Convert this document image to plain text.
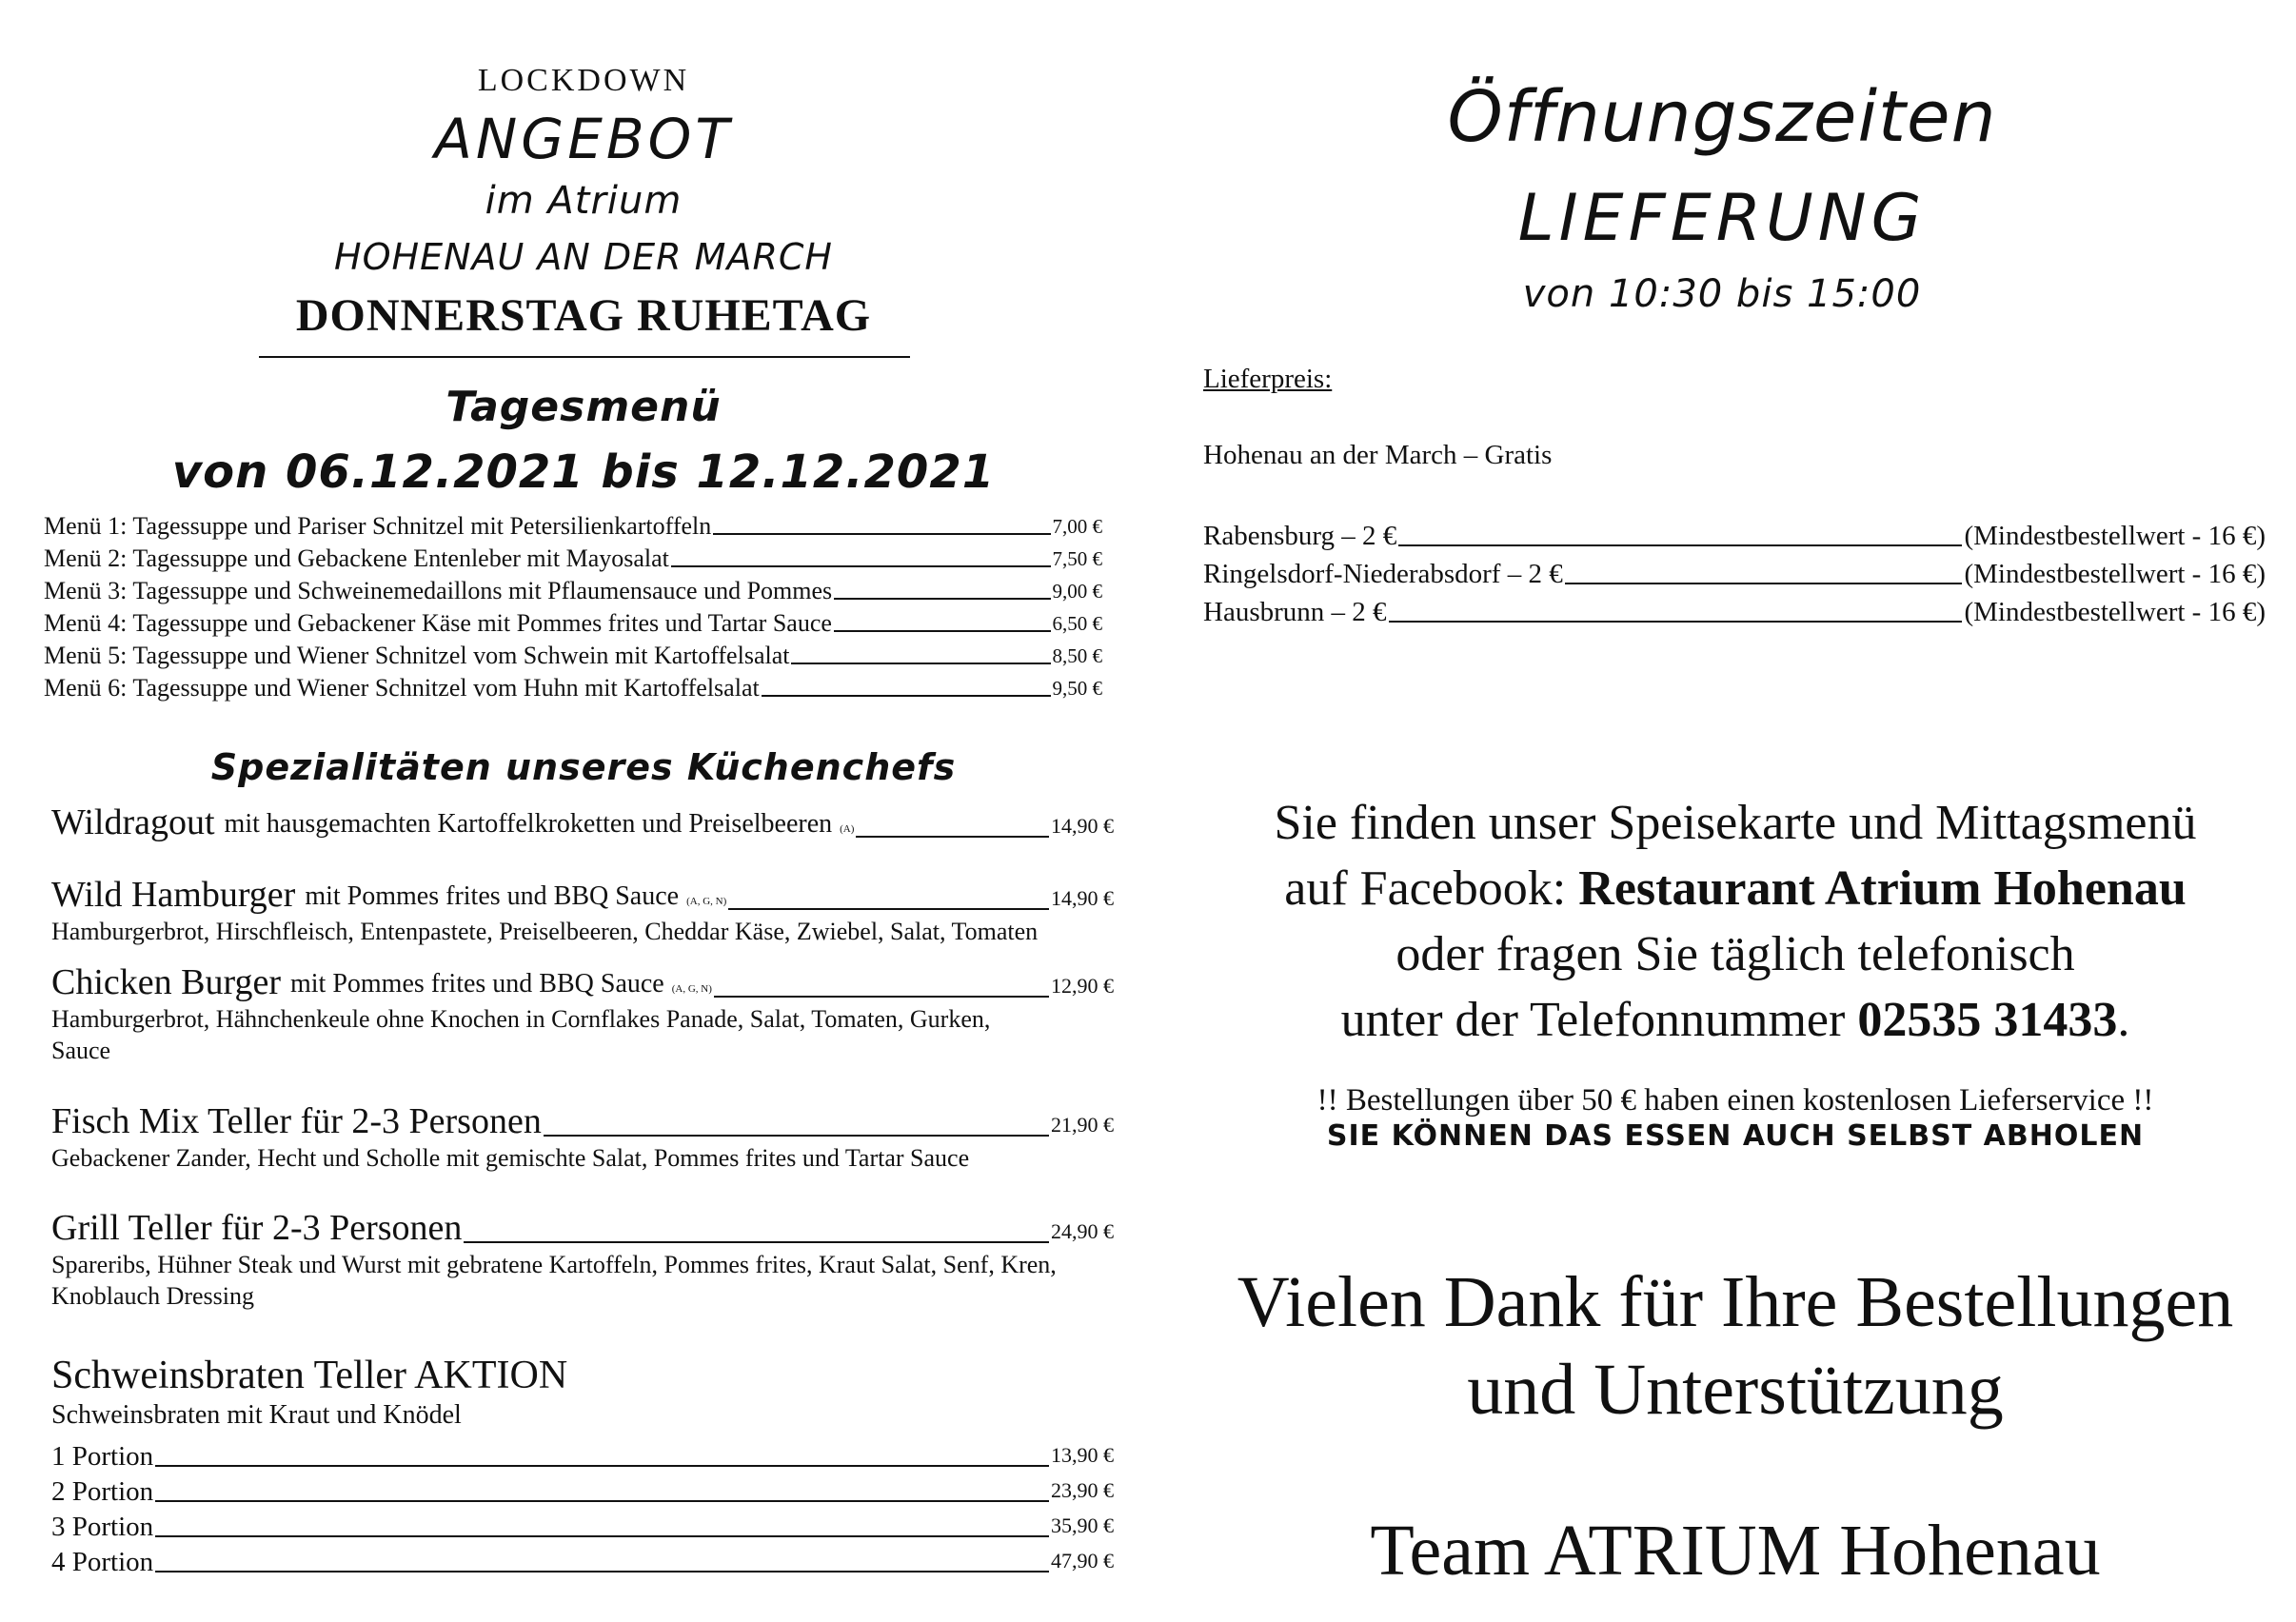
LOCKDOWN
ANGEBOT
im Atrium
HOHENAU AN DER MARCH
DONNERSTAG RUHETAG
Tagesmenü
von 06.12.2021 bis 12.12.2021
Menü 1: Tagessuppe und Pariser Schnitzel mit Petersilienkartoffeln	7,00 €
Menü 2: Tagessuppe und Gebackene Entenleber mit Mayosalat	7,50 €
Menü 3: Tagessuppe und Schweinemedaillons mit Pflaumensauce und Pommes	9,00 €
Menü 4: Tagessuppe und Gebackener Käse mit Pommes frites und Tartar Sauce	6,50 €
Menü 5: Tagessuppe und Wiener Schnitzel vom Schwein mit Kartoffelsalat	8,50 €
Menü 6: Tagessuppe und Wiener Schnitzel vom Huhn mit Kartoffelsalat	9,50 €
Spezialitäten unseres Küchenchefs
Wildragout mit hausgemachten Kartoffelkroketten und Preiselbeeren (A)	14,90 €
Wild Hamburger mit Pommes frites und BBQ Sauce (A, G, N)	14,90 €
Hamburgerbrot, Hirschfleisch, Entenpastete, Preiselbeeren, Cheddar Käse, Zwiebel, Salat, Tomaten
Chicken Burger mit Pommes frites und BBQ Sauce (A, G, N)	12,90 €
Hamburgerbrot, Hähnchenkeule ohne Knochen in Cornflakes Panade, Salat, Tomaten, Gurken, Sauce
Fisch Mix Teller für 2-3 Personen	21,90 €
Gebackener Zander, Hecht und Scholle mit gemischte Salat, Pommes frites und Tartar Sauce
Grill Teller für 2-3 Personen	24,90 €
Spareribs, Hühner Steak und Wurst mit gebratene Kartoffeln, Pommes frites, Kraut Salat, Senf, Kren, Knoblauch Dressing
Schweinsbraten Teller AKTION
Schweinsbraten mit Kraut und Knödel
1 Portion	13,90 €
2 Portion	23,90 €
3 Portion	35,90 €
4 Portion	47,90 €
Öffnungszeiten
LIEFERUNG
von 10:30 bis 15:00
Lieferpreis:
Hohenau an der March – Gratis
Rabensburg – 2 €	(Mindestbestellwert - 16 €)
Ringelsdorf-Niederabsdorf – 2 €	(Mindestbestellwert - 16 €)
Hausbrunn – 2 €	(Mindestbestellwert - 16 €)
Sie finden unser Speisekarte und Mittagsmenü
auf Facebook: Restaurant Atrium Hohenau
oder fragen Sie täglich telefonisch
unter der Telefonnummer 02535 31433.
!! Bestellungen über 50 € haben einen kostenlosen Lieferservice !!
SIE KÖNNEN DAS ESSEN AUCH SELBST ABHOLEN
Vielen Dank für Ihre Bestellungen
und Unterstützung
Team ATRIUM Hohenau
